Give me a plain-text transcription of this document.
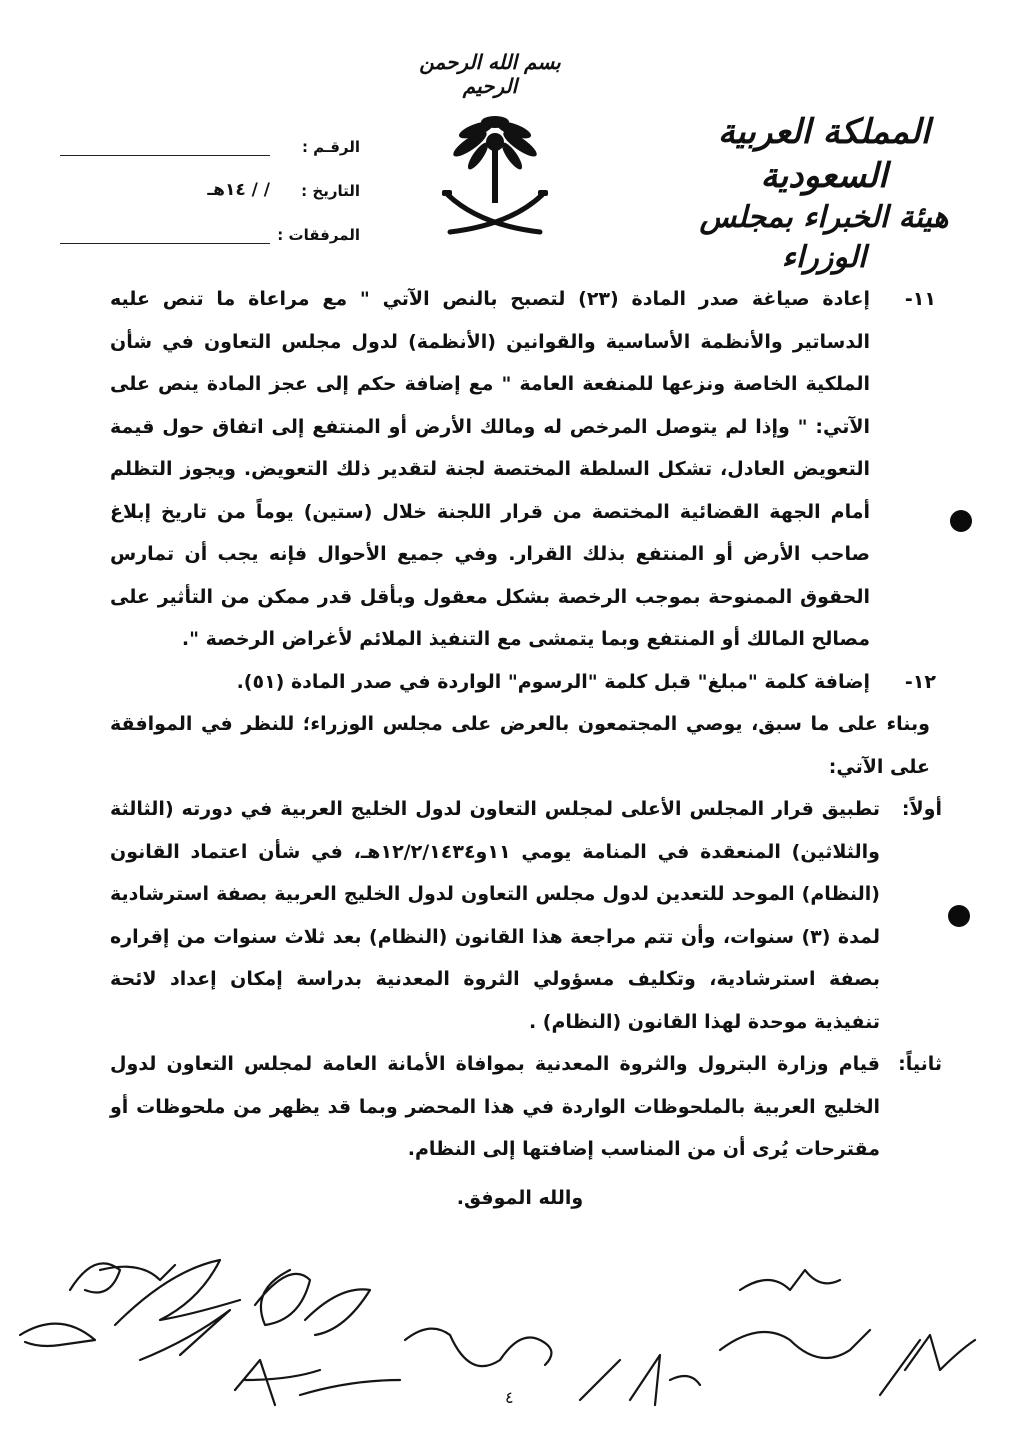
بسم الله الرحمن الرحيم
المملكة العربية السعودية
هيئة الخبراء بمجلس الوزراء
الرقـم :
التاريخ :
/ / ١٤هـ
المرفقات :

١١-
إعادة صياغة صدر المادة (٢٣) لتصبح بالنص الآتي " مع مراعاة ما تنص عليه الدساتير والأنظمة الأساسية والقوانين (الأنظمة) لدول مجلس التعاون في شأن الملكية الخاصة ونزعها للمنفعة العامة " مع إضافة حكم إلى عجز المادة ينص على الآتي: " وإذا لم يتوصل المرخص له ومالك الأرض أو المنتفع إلى اتفاق حول قيمة التعويض العادل، تشكل السلطة المختصة لجنة لتقدير ذلك التعويض. ويجوز التظلم أمام الجهة القضائية المختصة من قرار اللجنة خلال (ستين) يوماً من تاريخ إبلاغ صاحب الأرض أو المنتفع بذلك القرار. وفي جميع الأحوال فإنه يجب أن تمارس الحقوق الممنوحة بموجب الرخصة بشكل معقول وبأقل قدر ممكن من التأثير على مصالح المالك أو المنتفع وبما يتمشى مع التنفيذ الملائم لأغراض الرخصة ".

١٢-
إضافة كلمة "مبلغ" قبل كلمة "الرسوم" الواردة في صدر المادة (٥١).

وبناء على ما سبق، يوصي المجتمعون بالعرض على مجلس الوزراء؛ للنظر في الموافقة على الآتي:

أولاً:
تطبيق قرار المجلس الأعلى لمجلس التعاون لدول الخليج العربية في دورته (الثالثة والثلاثين) المنعقدة في المنامة يومي ١١و١٢/٢/١٤٣٤هـ، في شأن اعتماد القانون (النظام) الموحد للتعدين لدول مجلس التعاون لدول الخليج العربية بصفة استرشادية لمدة (٣) سنوات، وأن تتم مراجعة هذا القانون (النظام) بعد ثلاث سنوات من إقراره بصفة استرشادية، وتكليف مسؤولي الثروة المعدنية بدراسة إمكان إعداد لائحة تنفيذية موحدة لهذا القانون (النظام) .

ثانياً:
قيام وزارة البترول والثروة المعدنية بموافاة الأمانة العامة لمجلس التعاون لدول الخليج العربية بالملحوظات الواردة في هذا المحضر وبما قد يظهر من ملحوظات أو مقترحات يُرى أن من المناسب إضافتها إلى النظام.

والله الموفق.

٤
